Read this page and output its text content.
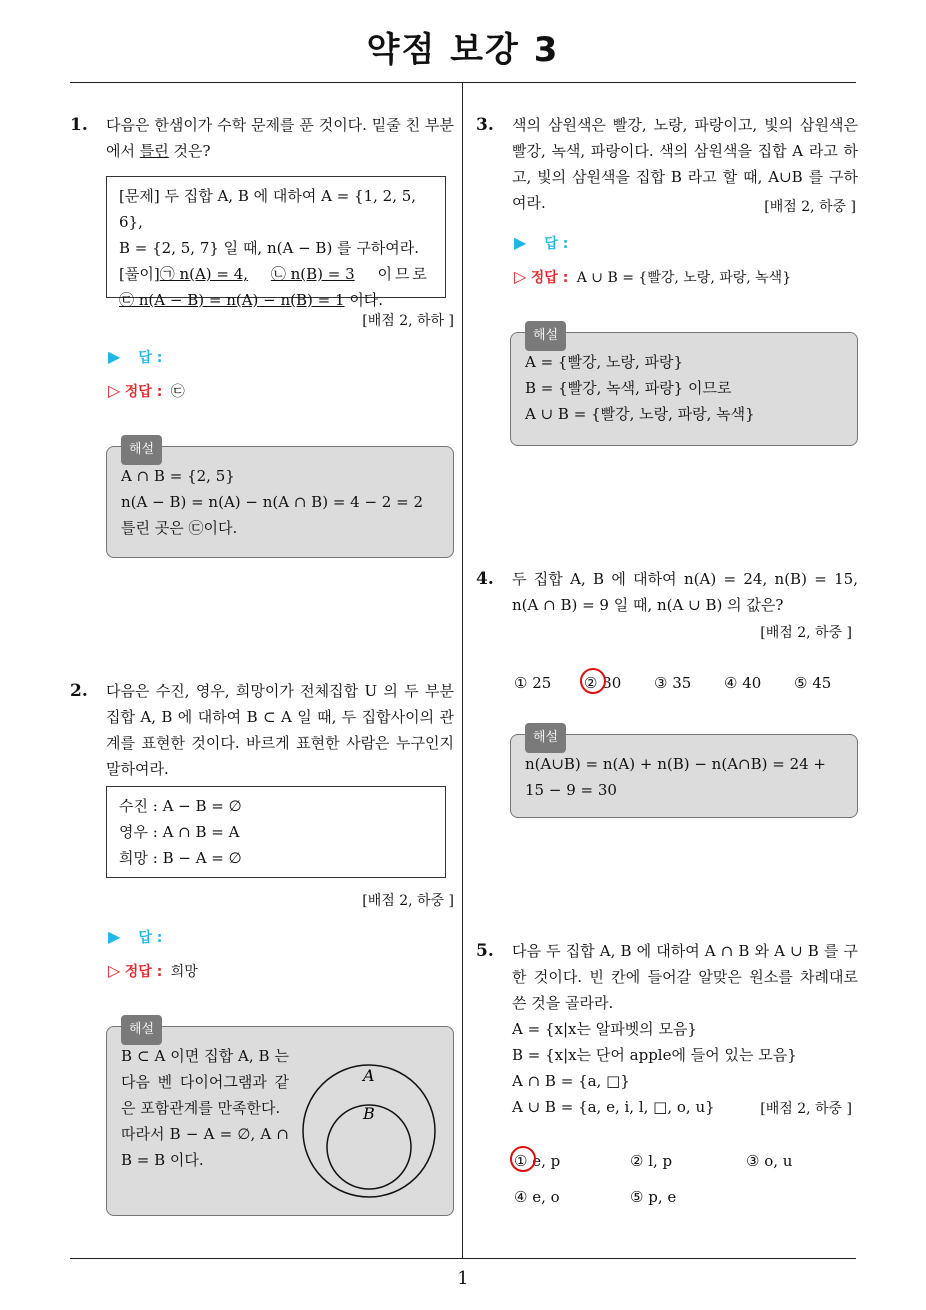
약점 보강 3
1
1. 다음은 한샘이가 수학 문제를 푼 것이다. 밑줄 친 부분에서 틀린 것은?
[문제] 두 집합 A, B 에 대하여 A = {1, 2, 5, 6},
B = {2, 5, 7} 일 때, n(A − B) 를 구하여라.
[풀이]㉠ n(A) = 4, ㉡ n(B) = 3 이므로
㉢ n(A − B) = n(A) − n(B) = 1 이다.
[배점 2, 하하 ]
▶ 답 :
▷ 정답 : ㉢
해설
A ∩ B = {2, 5}
n(A − B) = n(A) − n(A ∩ B) = 4 − 2 = 2
틀린 곳은 ㉢이다.
2. 다음은 수진, 영우, 희망이가 전체집합 U 의 두 부분집합 A, B 에 대하여 B ⊂ A 일 때, 두 집합사이의 관계를 표현한 것이다. 바르게 표현한 사람은 누구인지 말하여라.
수진 : A − B = ∅
영우 : A ∩ B = A
희망 : B − A = ∅
[배점 2, 하중 ]
▶ 답 :
▷ 정답 : 희망
해설
B ⊂ A 이면 집합 A, B 는 다음 벤 다이어그램과 같은 포함관계를 만족한다.
따라서 B − A = ∅, A ∩ B = B 이다.
A
B
3. 색의 삼원색은 빨강, 노랑, 파랑이고, 빛의 삼원색은 빨강, 녹색, 파랑이다. 색의 삼원색을 집합 A 라고 하고, 빛의 삼원색을 집합 B 라고 할 때, A∪B 를 구하여라.	[배점 2, 하중 ]
▶ 답 :
▷ 정답 : A ∪ B = {빨강, 노랑, 파랑, 녹색}
해설
A = {빨강, 노랑, 파랑}
B = {빨강, 녹색, 파랑} 이므로
A ∪ B = {빨강, 노랑, 파랑, 녹색}
4. 두 집합 A, B 에 대하여 n(A) = 24, n(B) = 15, n(A ∩ B) = 9 일 때, n(A ∪ B) 의 값은?
[배점 2, 하중 ]
① 25 ② 30 ③ 35 ④ 40 ⑤ 45
해설
n(A∪B) = n(A) + n(B) − n(A∩B) = 24 + 15 − 9 = 30
5. 다음 두 집합 A, B 에 대하여 A ∩ B 와 A ∪ B 를 구한 것이다. 빈 칸에 들어갈 알맞은 원소를 차례대로 쓴 것을 골라라.
A = {x|x는 알파벳의 모음}
B = {x|x는 단어 apple에 들어 있는 모음}
A ∩ B = {a, □}
A ∪ B = {a, e, i, l, □, o, u}	[배점 2, 하중 ]
① e, p	② l, p	③ o, u
④ e, o	⑤ p, e
